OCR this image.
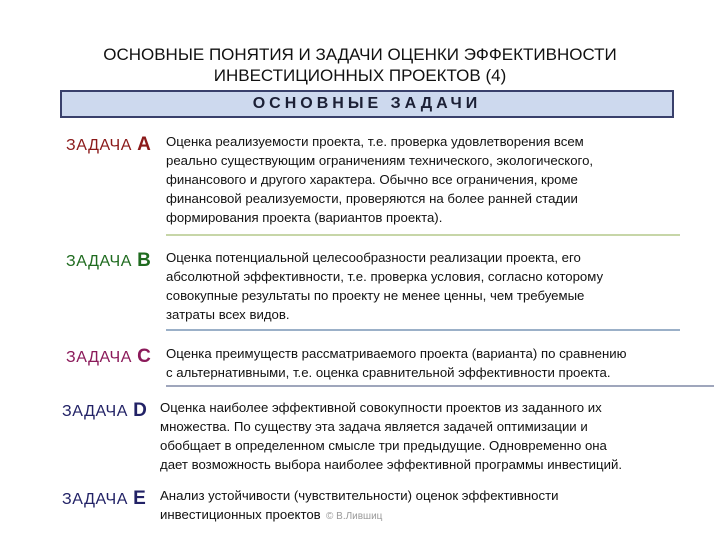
ОСНОВНЫЕ ПОНЯТИЯ И ЗАДАЧИ ОЦЕНКИ ЭФФЕКТИВНОСТИ
ИНВЕСТИЦИОННЫХ ПРОЕКТОВ (4)
ОСНОВНЫЕ ЗАДАЧИ
ЗАДАЧА А Оценка реализуемости проекта, т.е. проверка удовлетворения всем
реально существующим ограничениям технического, экологического,
финансового и другого характера. Обычно все ограничения, кроме
финансовой реализуемости, проверяются на более ранней стадии
формирования проекта (вариантов проекта).
ЗАДАЧА В Оценка потенциальной целесообразности реализации проекта, его
абсолютной эффективности, т.е. проверка условия, согласно которому
совокупные результаты по проекту не менее ценны, чем требуемые
затраты всех видов.
ЗАДАЧА С Оценка преимуществ рассматриваемого проекта (варианта) по сравнению
с альтернативными, т.е. оценка сравнительной эффективности проекта.
ЗАДАЧА D Оценка наиболее эффективной совокупности проектов из заданного их
множества. По существу эта задача является задачей оптимизации и
обобщает в определенном смысле три предыдущие. Одновременно она
дает возможность выбора наиболее эффективной программы инвестиций.
ЗАДАЧА Е Анализ устойчивости (чувствительности) оценок эффективности
инвестиционных проектов © В.Лившиц
